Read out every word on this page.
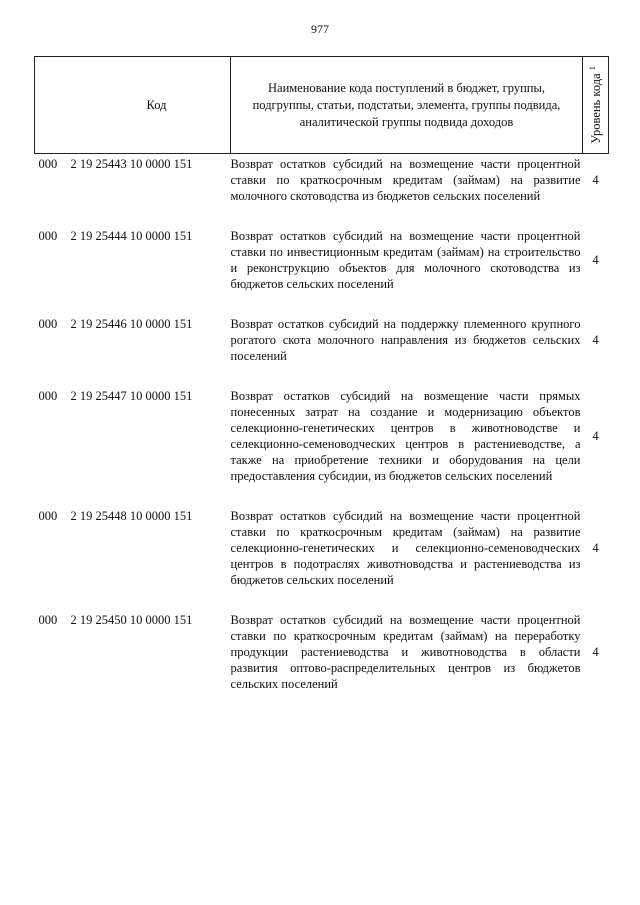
977
Код	Наименование кода поступлений в бюджет, группы, подгруппы, статьи, подстатьи, элемента, группы подвида, аналитической группы подвида доходов	Уровень кода $^1$

000 2 19 25443 10 0000 151	Возврат остатков субсидий на возмещение части процентной ставки по краткосрочным кредитам (займам) на развитие молочного скотоводства из бюджетов сельских поселений	4

000 2 19 25444 10 0000 151	Возврат остатков субсидий на возмещение части процентной ставки по инвестиционным кредитам (займам) на строительство и реконструкцию объектов для молочного скотоводства из бюджетов сельских поселений	4

000 2 19 25446 10 0000 151	Возврат остатков субсидий на поддержку племенного крупного рогатого скота молочного направления из бюджетов сельских поселений	4

000 2 19 25447 10 0000 151	Возврат остатков субсидий на возмещение части прямых понесенных затрат на создание и модернизацию объектов селекционно-генетических центров в животноводстве и селекционно-семеноводческих центров в растениеводстве, а также на приобретение техники и оборудования на цели предоставления субсидии, из бюджетов сельских поселений	4

000 2 19 25448 10 0000 151	Возврат остатков субсидий на возмещение части процентной ставки по краткосрочным кредитам (займам) на развитие селекционно-генетических и селекционно-семеноводческих центров в подотраслях животноводства и растениеводства из бюджетов сельских поселений	4

000 2 19 25450 10 0000 151	Возврат остатков субсидий на возмещение части процентной ставки по краткосрочным кредитам (займам) на переработку продукции растениеводства и животноводства в области развития оптово-распределительных центров из бюджетов сельских поселений	4
